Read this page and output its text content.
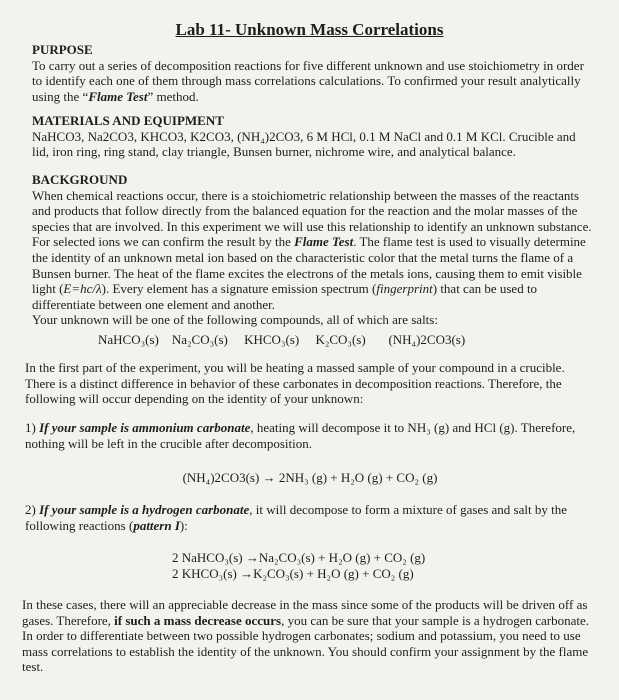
Lab 11- Unknown Mass Correlations
PURPOSE
To carry out a series of decomposition reactions for five different unknown and use stoichiometry in order to identify each one of them through mass correlations calculations. To confirmed your result analytically using the “Flame Test” method.
MATERIALS AND EQUIPMENT
NaHCO3, Na2CO3, KHCO3, K2CO3, (NH₄)2CO3, 6 M HCl, 0.1 M NaCl and 0.1 M KCl. Crucible and lid, iron ring, ring stand, clay triangle, Bunsen burner, nichrome wire, and analytical balance.
BACKGROUND
When chemical reactions occur, there is a stoichiometric relationship between the masses of the reactants and products that follow directly from the balanced equation for the reaction and the molar masses of the species that are involved. In this experiment we will use this relationship to identify an unknown substance. For selected ions we can confirm the result by the Flame Test. The flame test is used to visually determine the identity of an unknown metal ion based on the characteristic color that the metal turns the flame of a Bunsen burner. The heat of the flame excites the electrons of the metals ions, causing them to emit visible light (E=hc/λ). Every element has a signature emission spectrum (fingerprint) that can be used to differentiate between one element and another.
Your unknown will be one of the following compounds, all of which are salts:
NaHCO₃(s) Na₂CO₃(s) KHCO₃(s) K₂CO₃(s) (NH₄)2CO3(s)
In the first part of the experiment, you will be heating a massed sample of your compound in a crucible. There is a distinct difference in behavior of these carbonates in decomposition reactions. Therefore, the following will occur depending on the identity of your unknown:
1) If your sample is ammonium carbonate, heating will decompose it to NH₃ (g) and HCl (g). Therefore, nothing will be left in the crucible after decomposition.
(NH₄)2CO3(s) → 2NH₃ (g) + H₂O (g) + CO₂ (g)
2) If your sample is a hydrogen carbonate, it will decompose to form a mixture of gases and salt by the following reactions (pattern I):
2 NaHCO₃(s) →Na₂CO₃(s) + H₂O (g) + CO₂ (g)
2 KHCO₃(s) →K₂CO₃(s) + H₂O (g) + CO₂ (g)
In these cases, there will an appreciable decrease in the mass since some of the products will be driven off as gases. Therefore, if such a mass decrease occurs, you can be sure that your sample is a hydrogen carbonate. In order to differentiate between two possible hydrogen carbonates; sodium and potassium, you need to use mass correlations to establish the identity of the unknown. You should confirm your assignment by the flame test.
